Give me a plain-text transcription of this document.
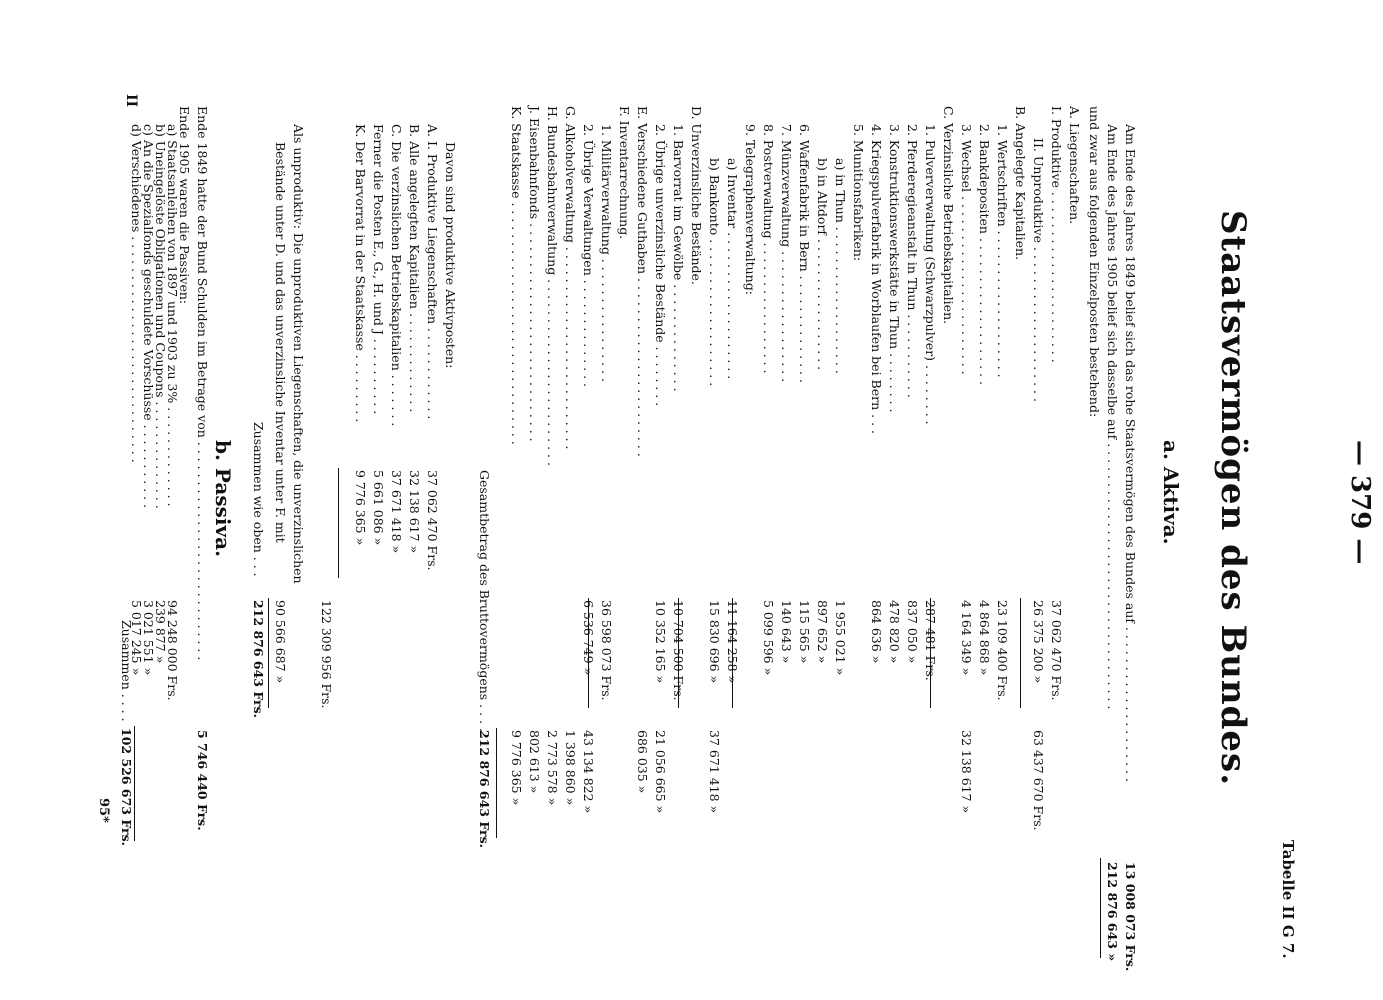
— 379 —
Tabelle II G 7.
Staatsvermögen des Bundes.
a. Aktiva.
Am Ende des Jahres 1849 belief sich das rohe Staatsvermögen des Bundes auf . . . . . . . . . . . . . . . . . . . .
13 008 073 Frs.
Am Ende des Jahres 1905 belief sich dasselbe auf . . . . . . . . . . . . . . . . . . . . . . . . . . . . . . . . . .
212 876 643 »
und zwar aus folgenden Einzelposten bestehend:
A. Liegenschaften.
I. Produktive . . . . . . . . . . . . . . . . . . . . . .
37 062 470 Frs.
II. Unproduktive . . . . . . . . . . . . . . . . . . . .
26 375 200 »
63 437 670 Frs.
B. Angelegte Kapitalien.
1. Wertschriften . . . . . . . . . . . . . . . . . . .
23 109 400 Frs.
2. Bankdepositen . . . . . . . . . . . . . . . . . . .
4 864 868 »
3. Wechsel . . . . . . . . . . . . . . . . . . . . . . .
4 164 349 »
32 138 617 »
C. Verzinsliche Betriebskapitalien.
1. Pulververwaltung (Schwarzpulver) . . . . . . . .
287 481 Frs.
2. Pferderegieanstalt in Thun . . . . . . . . . . .
837 050 »
3. Konstruktionswerkstätte in Thun . . . . . . . .
478 820 »
4. Kriegspulverfabrik in Worblaufen bei Bern . . .
864 636 »
5. Munitionsfabriken:
a) in Thun . . . . . . . . . . . . . . . . . . .
1 955 021 »
b) in Altdorf . . . . . . . . . . . . . . . . .
897 652 »
6. Waffenfabrik in Bern . . . . . . . . . . . . . .
115 565 »
7. Münzverwaltung . . . . . . . . . . . . . . . . .
140 643 »
8. Postverwaltung . . . . . . . . . . . . . . . . .
5 099 596 »
9. Telegraphenverwaltung:
a) Inventar . . . . . . . . . . . . . . . . . . .
11 164 258 »
b) Bankonto . . . . . . . . . . . . . . . . . . .
15 830 696 »
37 671 418 »
D. Unverzinsliche Bestände.
1. Barvorrat im Gewölbe . . . . . . . . . . . . . .
10 704 500 Frs.
2. Übrige unverzinsliche Bestände . . . . . . . .
10 352 165 »
21 056 665 »
E. Verschiedene Guthaben . . . . . . . . . . . . . . . . . . . . . . .
686 035 »
F. Inventarrechnung.
1. Militärverwaltung . . . . . . . . . . . . . . . .
36 598 073 Frs.
2. Übrige Verwaltungen . . . . . . . . . . . . . .
6 536 749 »
43 134 822 »
G. Alkoholverwaltung . . . . . . . . . . . . . . . . . . . . . . . . . .
1 398 860 »
H. Bundesbahnverwaltung . . . . . . . . . . . . . . . . . . . . . . . .
2 773 578 »
J. Eisenbahnfonds . . . . . . . . . . . . . . . . . . . . . . . . . . . .
802 613 »
K. Staatskasse . . . . . . . . . . . . . . . . . . . . . . . . . . . . . . .
9 776 365 »
Gesamtbetrag des Bruttovermögens . . . .
212 876 643 Frs.
Davon sind produktive Aktivposten:
A. I. Produktive Liegenschaften . . . . . . . . . . . .
37 062 470 Frs.
B. Alle angelegten Kapitalien . . . . . . . . . . . . .
32 138 617 »
C. Die verzinslichen Betriebskapitalien . . . . . . .
37 671 418 »
Ferner die Posten E., G., H. und J . . . . . . . . . .
5 661 086 »
K. Der Barvorrat in der Staatskasse . . . . . . . . .
9 776 365 »
122 309 956 Frs.
Als unproduktiv: Die unproduktiven Liegenschaften, die unverzinslichen
Bestände unter D. und das unverzinsliche Inventar unter F. mit
90 566 687 »
Zusammen wie oben . . .
212 876 643 Frs.
b. Passiva.
Ende 1849 hatte der Bund Schulden im Betrage von . . . . . . . . . . . . . . . . . . . . . . . . . . . .
5 746 440 Frs.
Ende 1905 waren die Passiven:
a) Staatsanleihen von 1897 und 1903 zu 3% . . . . . . . . . . . . .
94 248 000 Frs.
b) Uneingelöste Obligationen und Coupons . . . . . . . . . . . . . .
239 877 »
c) An die Spezialfonds geschuldete Vorschüsse . . . . . . . . . . .
3 021 551 »
d) Verschiedenes . . . . . . . . . . . . . . . . . . . . . . . . . . . . .
5 017 245 »
Zusammen . . . .
102 526 673 Frs.
II
95*
